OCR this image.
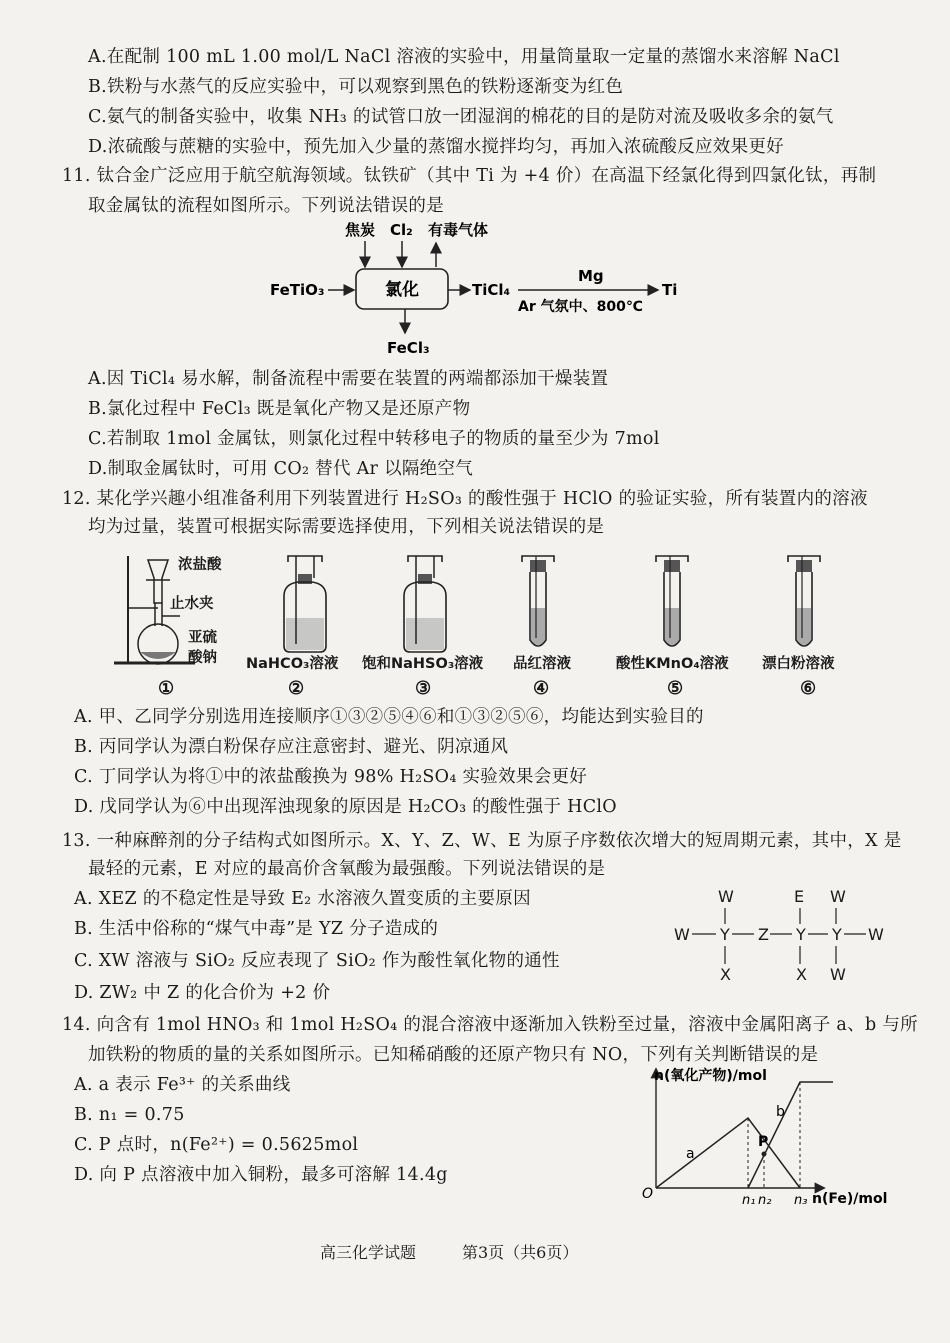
A.在配制 100 mL 1.00 mol/L NaCl 溶液的实验中，用量筒量取一定量的蒸馏水来溶解 NaCl
B.铁粉与水蒸气的反应实验中，可以观察到黑色的铁粉逐渐变为红色
C.氨气的制备实验中，收集 NH₃ 的试管口放一团湿润的棉花的目的是防对流及吸收多余的氨气
D.浓硫酸与蔗糖的实验中，预先加入少量的蒸馏水搅拌均匀，再加入浓硫酸反应效果更好
11. 钛合金广泛应用于航空航海领域。钛铁矿（其中 Ti 为 +4 价）在高温下经氯化得到四氯化钛，再制
取金属钛的流程如图所示。下列说法错误的是
焦炭 Cl₂ 有毒气体
氯化
FeTiO₃	TiCl₄
Mg
Ar 气氛中、800℃
Ti
FeCl₃
A.因 TiCl₄ 易水解，制备流程中需要在装置的两端都添加干燥装置
B.氯化过程中 FeCl₃ 既是氧化产物又是还原产物
C.若制取 1mol 金属钛，则氯化过程中转移电子的物质的量至少为 7mol
D.制取金属钛时，可用 CO₂ 替代 Ar 以隔绝空气
12. 某化学兴趣小组准备利用下列装置进行 H₂SO₃ 的酸性强于 HClO 的验证实验，所有装置内的溶液
均为过量，装置可根据实际需要选择使用，下列相关说法错误的是
浓盐酸
止水夹
亚硫
酸钠 NaHCO₃溶液 饱和NaHSO₃溶液 品红溶液	酸性KMnO₄溶液 漂白粉溶液
①	②	③	④	⑤	⑥
A. 甲、乙同学分别选用连接顺序①③②⑤④⑥和①③②⑤⑥，均能达到实验目的
B. 丙同学认为漂白粉保存应注意密封、避光、阴凉通风
C. 丁同学认为将①中的浓盐酸换为 98% H₂SO₄ 实验效果会更好
D. 戊同学认为⑥中出现浑浊现象的原因是 H₂CO₃ 的酸性强于 HClO
13. 一种麻醉剂的分子结构式如图所示。X、Y、Z、W、E 为原子序数依次增大的短周期元素，其中，X 是
最轻的元素，E 对应的最高价含氧酸为最强酸。下列说法错误的是
A. XEZ 的不稳定性是导致 E₂ 水溶液久置变质的主要原因
B. 生活中俗称的“煤气中毒”是 YZ 分子造成的
C. XW 溶液与 SiO₂ 反应表现了 SiO₂ 作为酸性氧化物的通性
D. ZW₂ 中 Z 的化合价为 +2 价
W	E W
W Y Z Y Y W
X	X W
14. 向含有 1mol HNO₃ 和 1mol H₂SO₄ 的混合溶液中逐渐加入铁粉至过量，溶液中金属阳离子 a、b 与所
加铁粉的物质的量的关系如图所示。已知稀硝酸的还原产物只有 NO，下列有关判断错误的是
A. a 表示 Fe³⁺ 的关系曲线
B. n₁ = 0.75
C. P 点时，n(Fe²⁺) = 0.5625mol
D. 向 P 点溶液中加入铜粉，最多可溶解 14.4g
n(氧化产物)/mol
n(Fe)/mol
O
a
b
n₁ n₂ n₃
P
高三化学试题	第3页（共6页）
